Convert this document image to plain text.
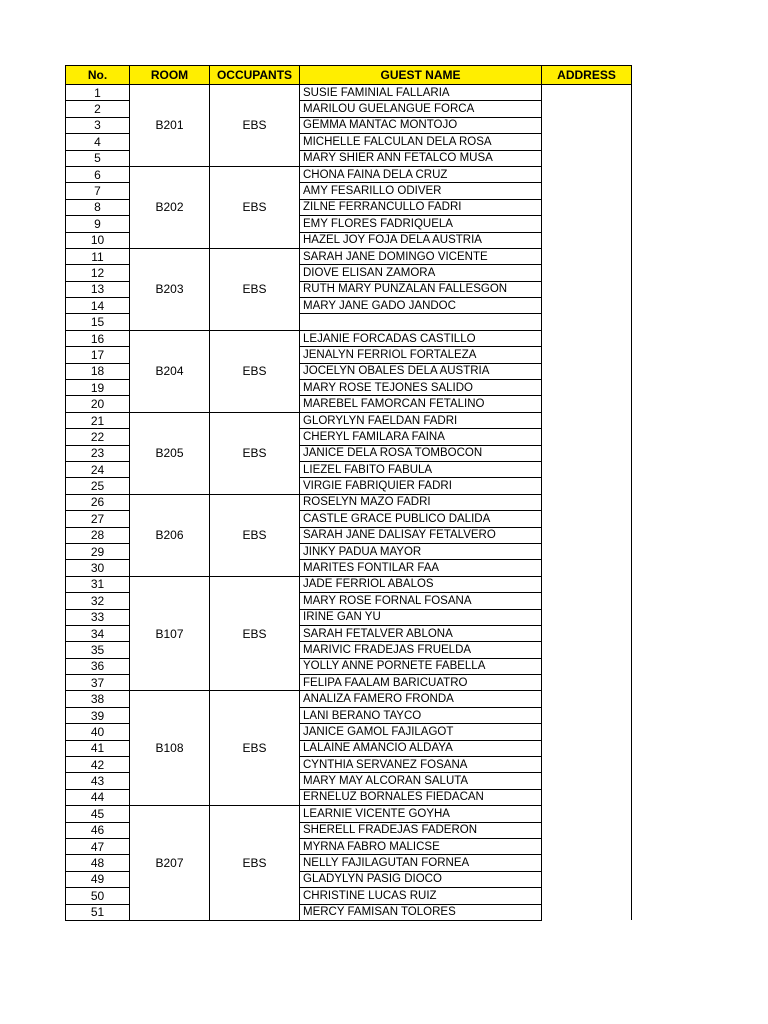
No.	ROOM	OCCUPANTS	GUEST NAME	ADDRESS
1	B201	EBS	SUSIE FAMINIAL FALLARIA	
2			MARILOU GUELANGUE FORCA	
3			GEMMA MANTAC MONTOJO	
4			MICHELLE FALCULAN DELA ROSA	
5			MARY SHIER ANN FETALCO MUSA	
6	B202	EBS	CHONA FAINA DELA CRUZ	
7			AMY FESARILLO ODIVER	
8			ZILNE FERRANCULLO FADRI	
9			EMY FLORES FADRIQUELA	
10			HAZEL JOY FOJA DELA AUSTRIA	
11	B203	EBS	SARAH JANE DOMINGO VICENTE	
12			DIOVE ELISAN ZAMORA	
13			RUTH MARY PUNZALAN FALLESGON	
14			MARY JANE GADO JANDOC	
15				
16	B204	EBS	LEJANIE FORCADAS CASTILLO	
17			JENALYN FERRIOL FORTALEZA	
18			JOCELYN OBALES DELA AUSTRIA	
19			MARY ROSE TEJONES SALIDO	
20			MAREBEL FAMORCAN FETALINO	
21	B205	EBS	GLORYLYN FAELDAN FADRI	
22			CHERYL FAMILARA FAINA	
23			JANICE DELA ROSA TOMBOCON	
24			LIEZEL FABITO FABULA	
25			VIRGIE FABRIQUIER FADRI	
26	B206	EBS	ROSELYN MAZO FADRI	
27			CASTLE GRACE PUBLICO DALIDA	
28			SARAH JANE DALISAY FETALVERO	
29			JINKY PADUA MAYOR	
30			MARITES FONTILAR FAA	
31	B107	EBS	JADE FERRIOL ABALOS	
32			MARY ROSE FORNAL FOSANA	
33			IRINE GAN YU	
34			SARAH FETALVER ABLONA	
35			MARIVIC FRADEJAS FRUELDA	
36			YOLLY ANNE PORNETE FABELLA	
37			FELIPA FAALAM BARICUATRO	
38	B108	EBS	ANALIZA FAMERO FRONDA	
39			LANI BERANO TAYCO	
40			JANICE GAMOL FAJILAGOT	
41			LALAINE AMANCIO ALDAYA	
42			CYNTHIA SERVANEZ FOSANA	
43			MARY MAY ALCORAN SALUTA	
44			ERNELUZ BORNALES FIEDACAN	
45	B207	EBS	LEARNIE VICENTE GOYHA	
46			SHERELL FRADEJAS FADERON	
47			MYRNA FABRO MALICSE	
48			NELLY FAJILAGUTAN FORNEA	
49			GLADYLYN PASIG DIOCO	
50			CHRISTINE LUCAS RUIZ	
51			MERCY FAMISAN TOLORES	
